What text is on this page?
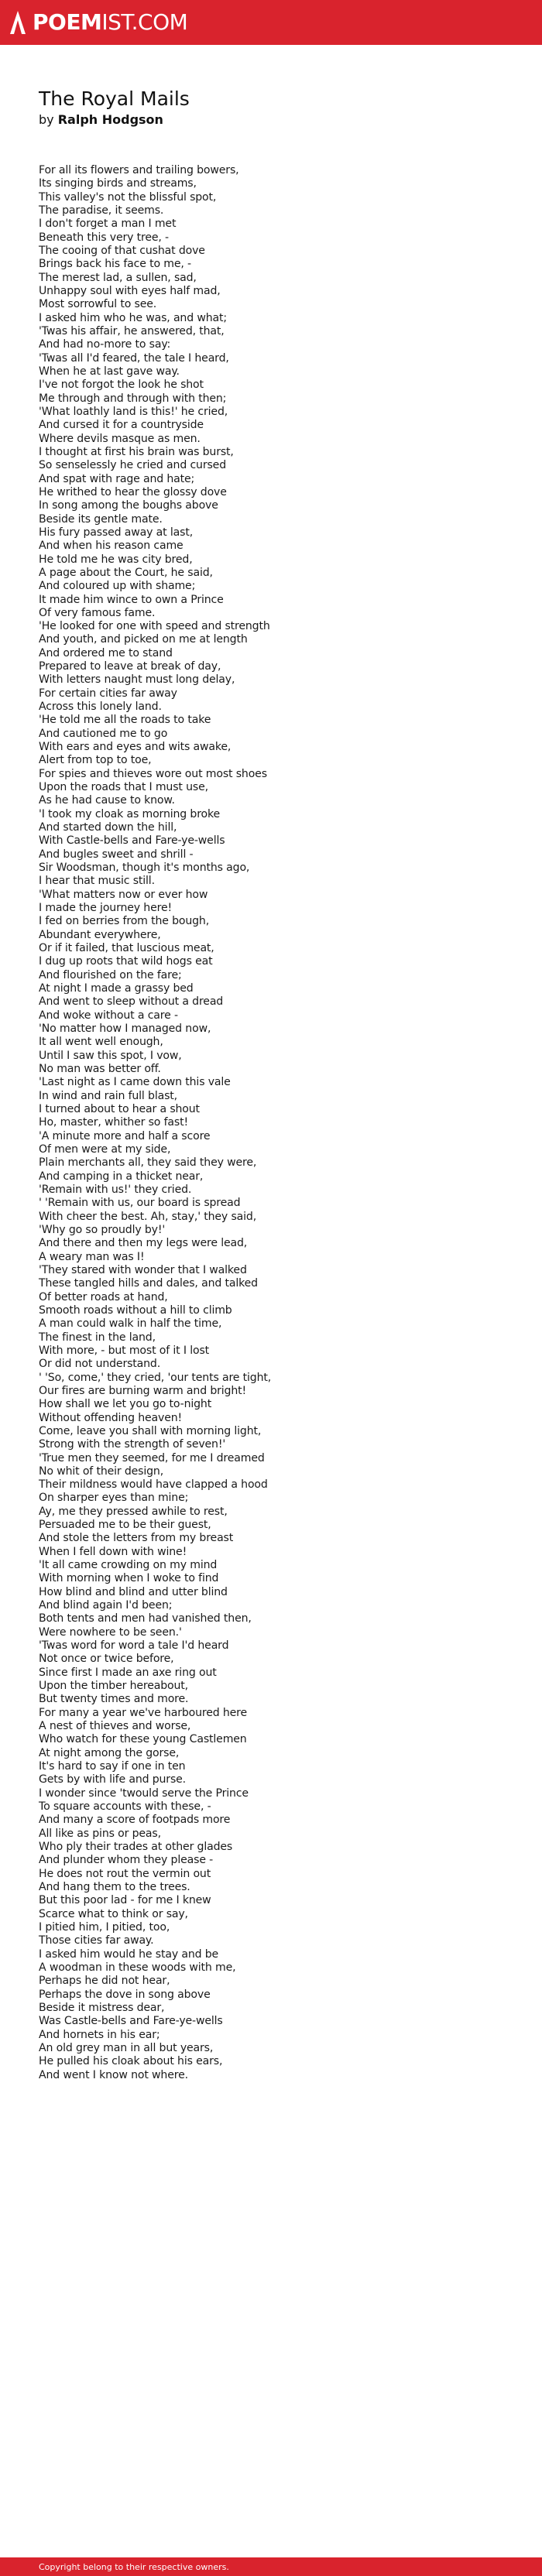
POEMIST.COM
The Royal Mails
by Ralph Hodgson
For all its flowers and trailing bowers,
Its singing birds and streams,
This valley's not the blissful spot,
The paradise, it seems.
I don't forget a man I met
Beneath this very tree, -
The cooing of that cushat dove
Brings back his face to me, -
The merest lad, a sullen, sad,
Unhappy soul with eyes half mad,
Most sorrowful to see.
I asked him who he was, and what;
'Twas his affair, he answered, that,
And had no-more to say:
'Twas all I'd feared, the tale I heard,
When he at last gave way.
I've not forgot the look he shot
Me through and through with then;
'What loathly land is this!' he cried,
And cursed it for a countryside
Where devils masque as men.
I thought at first his brain was burst,
So senselessly he cried and cursed
And spat with rage and hate;
He writhed to hear the glossy dove
In song among the boughs above
Beside its gentle mate.
His fury passed away at last,
And when his reason came
He told me he was city bred,
A page about the Court, he said,
And coloured up with shame;
It made him wince to own a Prince
Of very famous fame.
'He looked for one with speed and strength
And youth, and picked on me at length
And ordered me to stand
Prepared to leave at break of day,
With letters naught must long delay,
For certain cities far away
Across this lonely land.
'He told me all the roads to take
And cautioned me to go
With ears and eyes and wits awake,
Alert from top to toe,
For spies and thieves wore out most shoes
Upon the roads that I must use,
As he had cause to know.
'I took my cloak as morning broke
And started down the hill,
With Castle-bells and Fare-ye-wells
And bugles sweet and shrill -
Sir Woodsman, though it's months ago,
I hear that music still.
'What matters now or ever how
I made the journey here!
I fed on berries from the bough,
Abundant everywhere,
Or if it failed, that luscious meat,
I dug up roots that wild hogs eat
And flourished on the fare;
At night I made a grassy bed
And went to sleep without a dread
And woke without a care -
'No matter how I managed now,
It all went well enough,
Until I saw this spot, I vow,
No man was better off.
'Last night as I came down this vale
In wind and rain full blast,
I turned about to hear a shout
Ho, master, whither so fast!
'A minute more and half a score
Of men were at my side,
Plain merchants all, they said they were,
And camping in a thicket near,
'Remain with us!' they cried.
' 'Remain with us, our board is spread
With cheer the best. Ah, stay,' they said,
'Why go so proudly by!'
And there and then my legs were lead,
A weary man was I!
'They stared with wonder that I walked
These tangled hills and dales, and talked
Of better roads at hand,
Smooth roads without a hill to climb
A man could walk in half the time,
The finest in the land,
With more, - but most of it I lost
Or did not understand.
' 'So, come,' they cried, 'our tents are tight,
Our fires are burning warm and bright!
How shall we let you go to-night
Without offending heaven!
Come, leave you shall with morning light,
Strong with the strength of seven!'
'True men they seemed, for me I dreamed
No whit of their design,
Their mildness would have clapped a hood
On sharper eyes than mine;
Ay, me they pressed awhile to rest,
Persuaded me to be their guest,
And stole the letters from my breast
When I fell down with wine!
'It all came crowding on my mind
With morning when I woke to find
How blind and blind and utter blind
And blind again I'd been;
Both tents and men had vanished then,
Were nowhere to be seen.'
'Twas word for word a tale I'd heard
Not once or twice before,
Since first I made an axe ring out
Upon the timber hereabout,
But twenty times and more.
For many a year we've harboured here
A nest of thieves and worse,
Who watch for these young Castlemen
At night among the gorse,
It's hard to say if one in ten
Gets by with life and purse.
I wonder since 'twould serve the Prince
To square accounts with these, -
And many a score of footpads more
All like as pins or peas,
Who ply their trades at other glades
And plunder whom they please -
He does not rout the vermin out
And hang them to the trees.
But this poor lad - for me I knew
Scarce what to think or say,
I pitied him, I pitied, too,
Those cities far away.
I asked him would he stay and be
A woodman in these woods with me,
Perhaps he did not hear,
Perhaps the dove in song above
Beside it mistress dear,
Was Castle-bells and Fare-ye-wells
And hornets in his ear;
An old grey man in all but years,
He pulled his cloak about his ears,
And went I know not where.
Copyright belong to their respective owners.
